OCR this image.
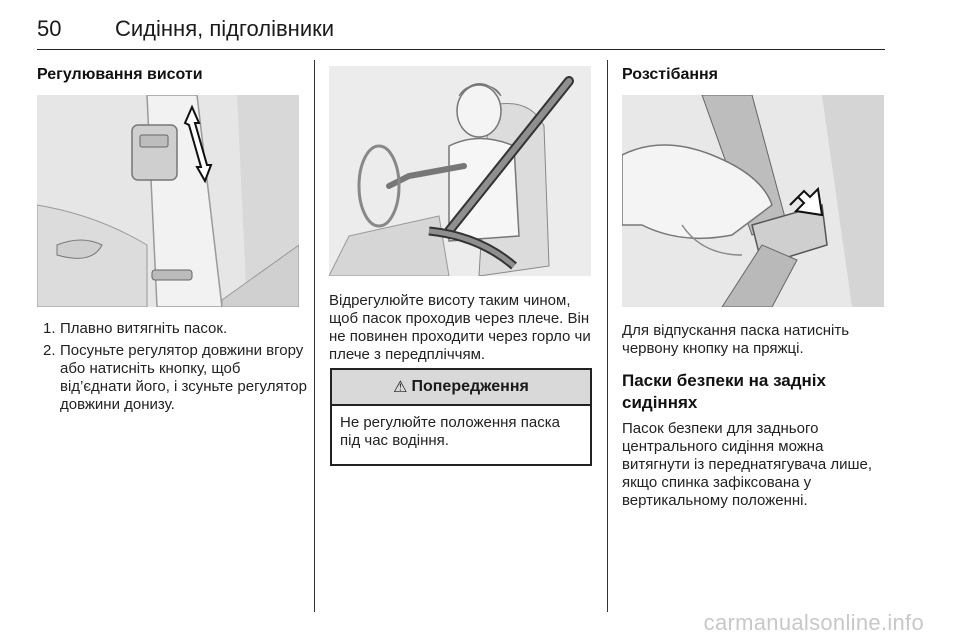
50 Сидіння, підголівники
Регулювання висоти
1. Плавно витягніть пасок.
2. Посуньте регулятор довжини вгору або натисніть кнопку, щоб від’єднати його, і зсуньте регулятор довжини донизу.

Відрегулюйте висоту таким чином, щоб пасок проходив через плече. Він не повинен проходити через горло чи плече з передпліччям.

⚠ Попередження
Не регулюйте положення паска під час водіння.
Розстібання

Для відпускання паска натисніть червону кнопку на пряжці.

Паски безпеки на задніх сидіннях

Пасок безпеки для заднього центрального сидіння можна витягнути із переднатягувача лише, якщо спинка зафіксована у вертикальному положенні.

carmanualsonline.info
